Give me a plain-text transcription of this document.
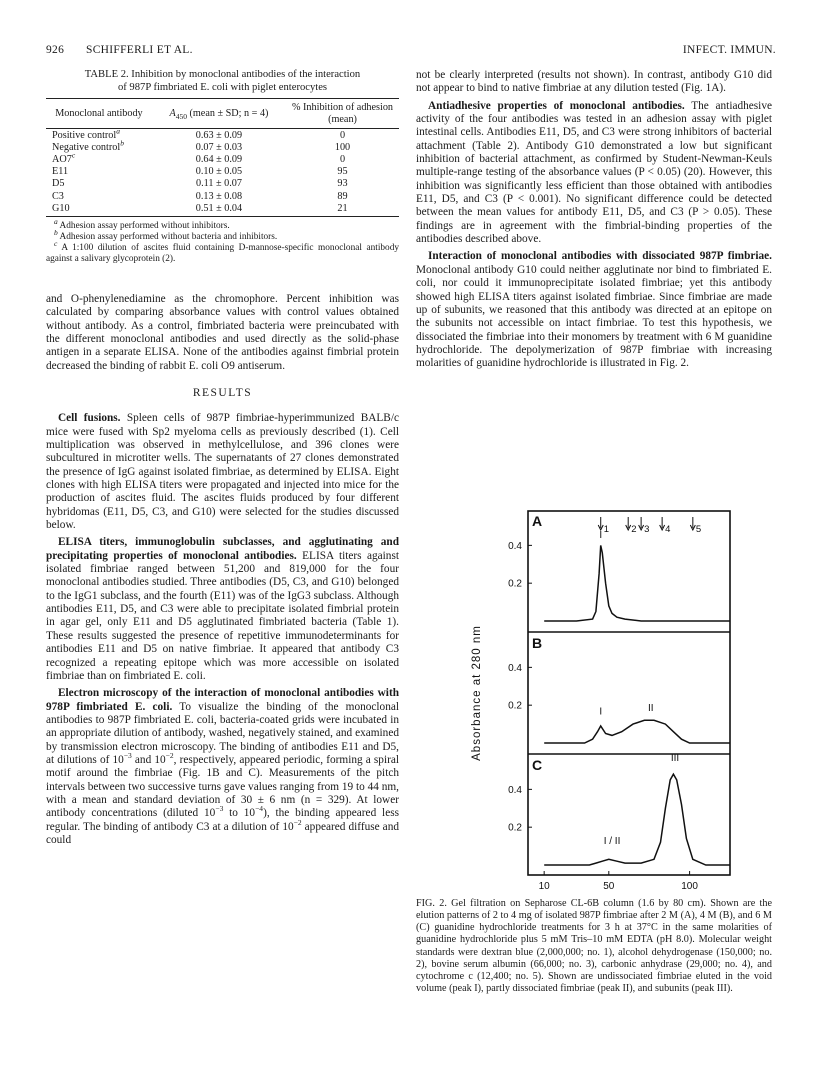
926 SCHIFFERLI ET AL.	INFECT. IMMUN.
TABLE 2. Inhibition by monoclonal antibodies of the interaction
of 987P fimbriated E. coli with piglet enterocytes
Monoclonal antibody	$A_{450}$ (mean ± SD; n = 4)	% Inhibition of adhesion (mean)
Positive control$^a$	0.63 ± 0.09	0
Negative control$^b$	0.07 ± 0.03	100
AO7$^c$	0.64 ± 0.09	0
E11	0.10 ± 0.05	95
D5	0.11 ± 0.07	93
C3	0.13 ± 0.08	89
G10	0.51 ± 0.04	21
$^a$ Adhesion assay performed without inhibitors.
$^b$ Adhesion assay performed without bacteria and inhibitors.
$^c$ A 1:100 dilution of ascites fluid containing D-mannose-specific monoclonal antibody against a salivary glycoprotein (2).

and O-phenylenediamine as the chromophore. Percent inhibition was calculated by comparing absorbance values with control values obtained without antibody. As a control, fimbriated bacteria were preincubated with the different monoclonal antibodies and used directly as the solid-phase antigen in a separate ELISA. None of the antibodies against fimbrial protein decreased the binding of rabbit E. coli O9 antiserum.

RESULTS

Cell fusions. Spleen cells of 987P fimbriae-hyperimmunized BALB/c mice were fused with Sp2 myeloma cells as previously described (1). Cell multiplication was observed in methylcellulose, and 396 clones were subcultured in microtiter wells. The supernatants of 27 clones demonstrated the presence of IgG against isolated fimbriae, as determined by ELISA. Eight clones with high ELISA titers were propagated and injected into mice for the production of ascites fluid. The ascites fluids produced by four different hybridomas (E11, D5, C3, and G10) were selected for the studies discussed below.

ELISA titers, immunoglobulin subclasses, and agglutinating and precipitating properties of monoclonal antibodies. ELISA titers against isolated fimbriae ranged between 51,200 and 819,000 for the four monoclonal antibodies studied. Three antibodies (D5, C3, and G10) belonged to the IgG1 subclass, and the fourth (E11) was of the IgG3 subclass. Although antibodies E11, D5, and C3 were able to precipitate isolated fimbrial protein in agar gel, only E11 and D5 agglutinated fimbriated bacteria (Table 1). These results suggested the presence of repetitive immunodeterminants for antibodies E11 and D5 on native fimbriae. It appeared that antibody C3 recognized a repeating epitope which was more accessible on isolated fimbriae than on fimbriated E. coli.

Electron microscopy of the interaction of monoclonal antibodies with 978P fimbriated E. coli. To visualize the binding of the monoclonal antibodies to 987P fimbriated E. coli, bacteria-coated grids were incubated in an appropriate dilution of antibody, washed, negatively stained, and examined by transmission electron microscopy. The binding of antibodies E11 and D5, at dilutions of $10^{-3}$ and $10^{-2}$, respectively, appeared periodic, forming a spiral motif around the fimbriae (Fig. 1B and C). Measurements of the pitch intervals between two successive turns gave values ranging from 19 to 44 nm, with a mean and standard deviation of 30 ± 6 nm (n = 329). At lower antibody concentrations (diluted $10^{-3}$ to $10^{-4}$), the binding appeared less regular. The binding of antibody C3 at a dilution of $10^{-2}$ appeared diffuse and could

not be clearly interpreted (results not shown). In contrast, antibody G10 did not appear to bind to native fimbriae at any dilution tested (Fig. 1A).

Antiadhesive properties of monoclonal antibodies. The antiadhesive activity of the four antibodies was tested in an adhesion assay with piglet intestinal cells. Antibodies E11, D5, and C3 were strong inhibitors of bacterial attachment (Table 2). Antibody G10 demonstrated a low but significant inhibition of bacterial attachment, as confirmed by Student-Newman-Keuls multiple-range testing of the absorbance values (P < 0.05) (20). However, this inhibition was significantly less efficient than those obtained with antibodies E11, D5, and C3 (P < 0.001). No significant difference could be detected between the mean values for antibody E11, D5, and C3 (P > 0.05). These findings are in agreement with the fimbrial-binding properties of the antibodies described above.

Interaction of monoclonal antibodies with dissociated 987P fimbriae. Monoclonal antibody G10 could neither agglutinate nor bind to fimbriated E. coli, nor could it immunoprecipitate isolated fimbriae; yet this antibody showed high ELISA titers against isolated fimbriae. Since fimbriae are made up of subunits, we reasoned that this antibody was directed at an epitope on the subunits not accessible on intact fimbriae. To test this hypothesis, we dissociated the fimbriae into their monomers by treatment with 6 M guanidine hydrochloride. The depolymerization of 987P fimbriae with increasing molarities of guanidine hydrochloride is illustrated in Fig. 2.

A
0.2
0.4
I
B
0.2
0.4
I	II
C
0.2
0.4
I / II
III
10	50	100
1 2 3 4	5
Absorbance at 280 nm
FIG. 2. Gel filtration on Sepharose CL-6B column (1.6 by 80 cm). Shown are the elution patterns of 2 to 4 mg of isolated 987P fimbriae after 2 M (A), 4 M (B), and 6 M (C) guanidine hydrochloride treatments for 3 h at 37°C in the same molarities of guanidine hydrochloride plus 5 mM Tris–10 mM EDTA (pH 8.0). Molecular weight standards were dextran blue (2,000,000; no. 1), alcohol dehydrogenase (150,000; no. 2), bovine serum albumin (66,000; no. 3), carbonic anhydrase (29,000; no. 4), and cytochrome c (12,400; no. 5). Shown are undissociated fimbriae eluted in the void volume (peak I), partly dissociated fimbriae (peak II), and subunits (peak III).
